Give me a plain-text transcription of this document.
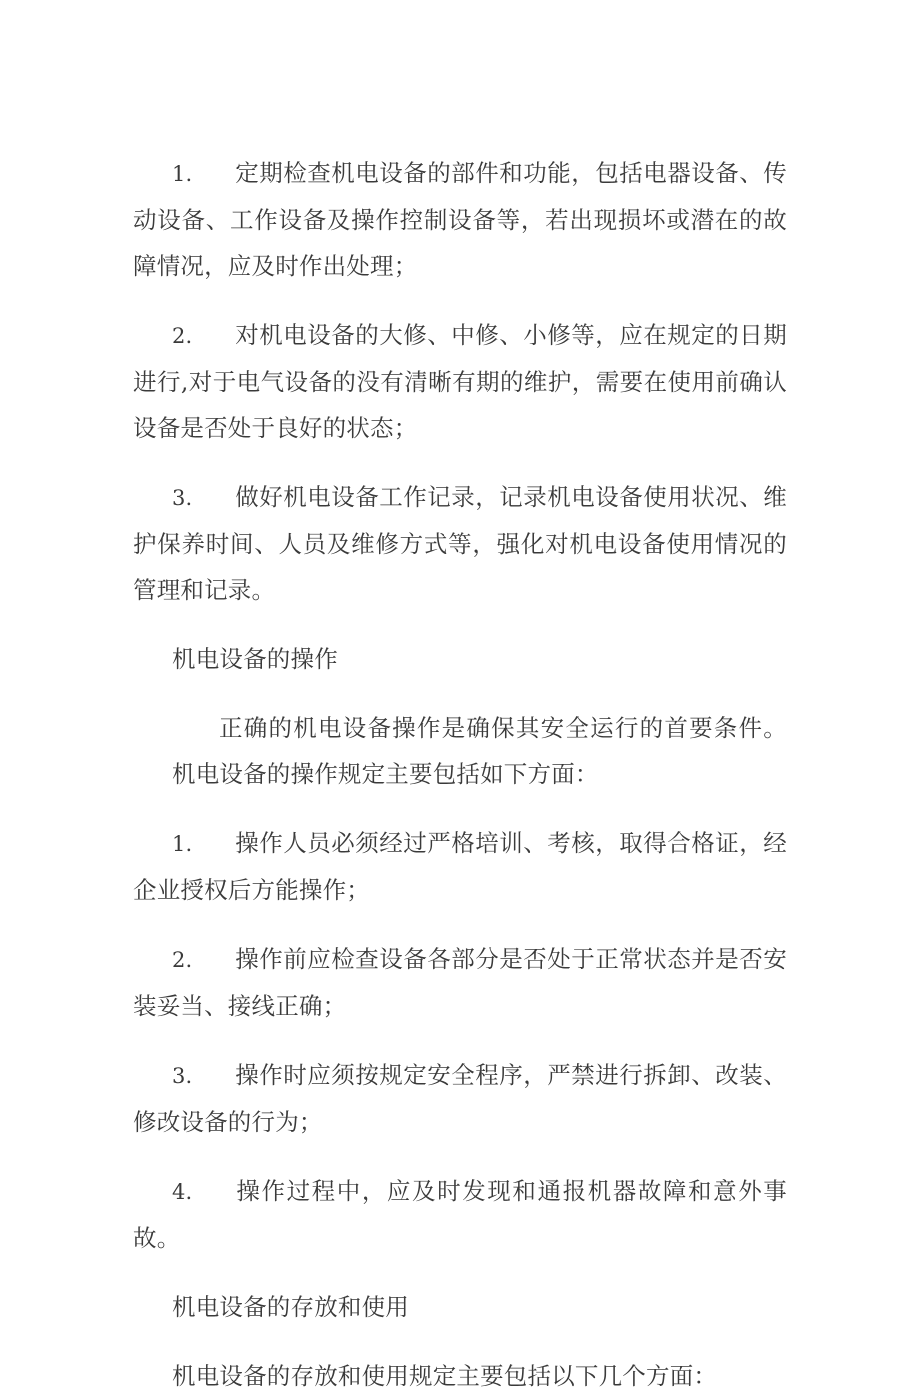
1. 定期检查机电设备的部件和功能，包括电器设备、传动设备、工作设备及操作控制设备等，若出现损坏或潜在的故障情况，应及时作出处理；

2. 对机电设备的大修、中修、小修等，应在规定的日期进行,对于电气设备的没有清晰有期的维护，需要在使用前确认设备是否处于良好的状态；

3. 做好机电设备工作记录，记录机电设备使用状况、维护保养时间、人员及维修方式等，强化对机电设备使用情况的管理和记录。

机电设备的操作

正确的机电设备操作是确保其安全运行的首要条件。机电设备的操作规定主要包括如下方面：

1. 操作人员必须经过严格培训、考核，取得合格证，经企业授权后方能操作；

2. 操作前应检查设备各部分是否处于正常状态并是否安装妥当、接线正确；

3. 操作时应须按规定安全程序，严禁进行拆卸、改装、修改设备的行为；

4. 操作过程中，应及时发现和通报机器故障和意外事故。

机电设备的存放和使用

机电设备的存放和使用规定主要包括以下几个方面：
